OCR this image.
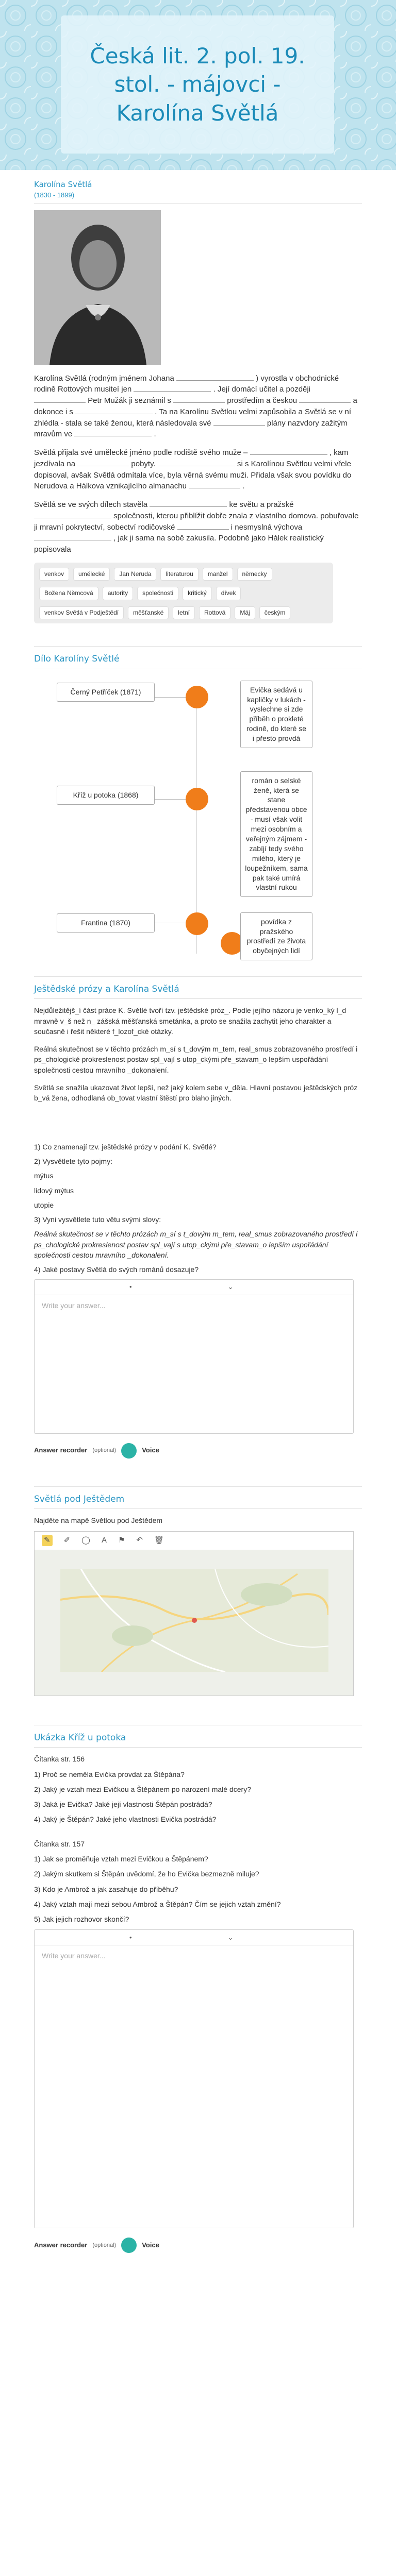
Česká lit. 2. pol. 19. stol. - májovci - Karolína Světlá
Karolína Světlá
(1830 - 1899)

Karolína Světlá (rodným jménem Johana	) vyrostla v obchodnické rodině Rottových musiteí jen	. Její domácí učitel a později  Petr Mužák ji seznámil s	prostředím a českou	a dokonce i s	. Ta na Karolínu Světlou velmi zapůsobila a Světlá se v ní zhlédla - stala se také ženou, která následovala své	plány nazvdory zažitým mravům ve	.

Světlá přijala své umělecké jméno podle rodiště svého muže –	, kam jezdívala na	pobyty.	si s Karolínou Světlou velmi vřele dopisoval, avšak Světlá odmítala více, byla věrná svému muži. Přidala však svou povídku do Nerudova a Hálkova vznikajícího almanachu	.

Světlá se ve svých dílech stavěla	ke světu a pražské  společnosti, kterou přiblížit dobře znala z vlastního domova. pobuřovale ji mravní pokrytectví, sobectví rodičovské	i nesmyslná výchova  , jak ji sama na sobě zakusila. Podobně jako Hálek realistický popisovala

venkov	umělecké	Jan Neruda	literaturou	manžel	německy
Božena Němcová	autority	společnosti	kritický	dívek
venkov Světlá v Podještědí	měšťanské	letní	Rottová	Máj	českým
Dílo Karolíny Světlé
Černý Petříček (1871)	Evička sedává u kapličky v lukách - vyslechne si zde příběh o prokleté rodině, do které se i přesto provdá
Kříž u potoka (1868)
román o selské ženě, která se stane představenou obce - musí však volit mezi osobním a veřejným zájmem - zabíjí tedy svého milého, který je loupežníkem, sama pak také umírá vlastní rukou
Frantina (1870)	povídka z pražského prostředí ze života obyčejných lidí
Ještědské prózy a Karolína Světlá

Nejdůležitějš_í část práce K. Světlé tvoří tzv. ještědské próz_. Podle jejího názoru je venko_ký l_d mravně v_š než n_ zášská měšťanská smetánka, a proto se snažila zachytit jeho charakter a současně i řešit některé f_lozof_cké otázky.

Reálná skutečnost se v těchto prózách m_sí s t_dovým m_tem, real_smus zobrazovaného prostředí i ps_chologické prokreslenost postav spl_vají s utop_ckými pře_stavam_o lepším uspořádání společnosti cestou mravního _dokonalení.

Světlá se snažila ukazovat život lepší, než jaký kolem sebe v_děla. Hlavní postavou ještědských próz b_vá žena, odhodlaná ob_tovat vlastní štěstí pro blaho jiných.

1) Co znamenají tzv. ještědské prózy v podání K. Světlé?
2) Vysvětlete tyto pojmy:
mýtus
lidový mýtus
utopie
3) Vyni vysvětlete tuto větu svými slovy:
Reálná skutečnost se v těchto prózách m_sí s t_dovým m_tem, real_smus zobrazovaného prostředí i ps_chologické prokreslenost postav spl_vají s utop_ckými pře_stavam_o lepším uspořádání společnosti cestou mravního _dokonalení.
4) Jaké postavy Světlá do svých románů dosazuje?
•	⌄
Write your answer...
Answer recorder (optional)	Voice
Světlá pod Ještědem

Najděte na mapě Světlou pod Ještědem

✎ ✐ ◯ A ⚑ ↶ 🗑
Ukázka Kříž u potoka

Čítanka str. 156

1) Proč se neměla Evička provdat za Štěpána?

2) Jaký je vztah mezi Evičkou a Štěpánem po narození malé dcery?

3) Jaká je Evička? Jaké její vlastnosti Štěpán postrádá?

4) Jaký je Štěpán? Jaké jeho vlastnosti Evička postrádá?

Čítanka str. 157

1) Jak se proměňuje vztah mezi Evičkou a Štěpánem?

2) Jakým skutkem si Štěpán uvědomí, že ho Evička bezmezně miluje?

3) Kdo je Ambrož a jak zasahuje do příběhu?

4) Jaký vztah mají mezi sebou Ambrož a Štěpán? Čím se jejich vztah změní?

5) Jak jejich rozhovor skončí?

•	⌄
Write your answer...
Answer recorder (optional)	Voice
